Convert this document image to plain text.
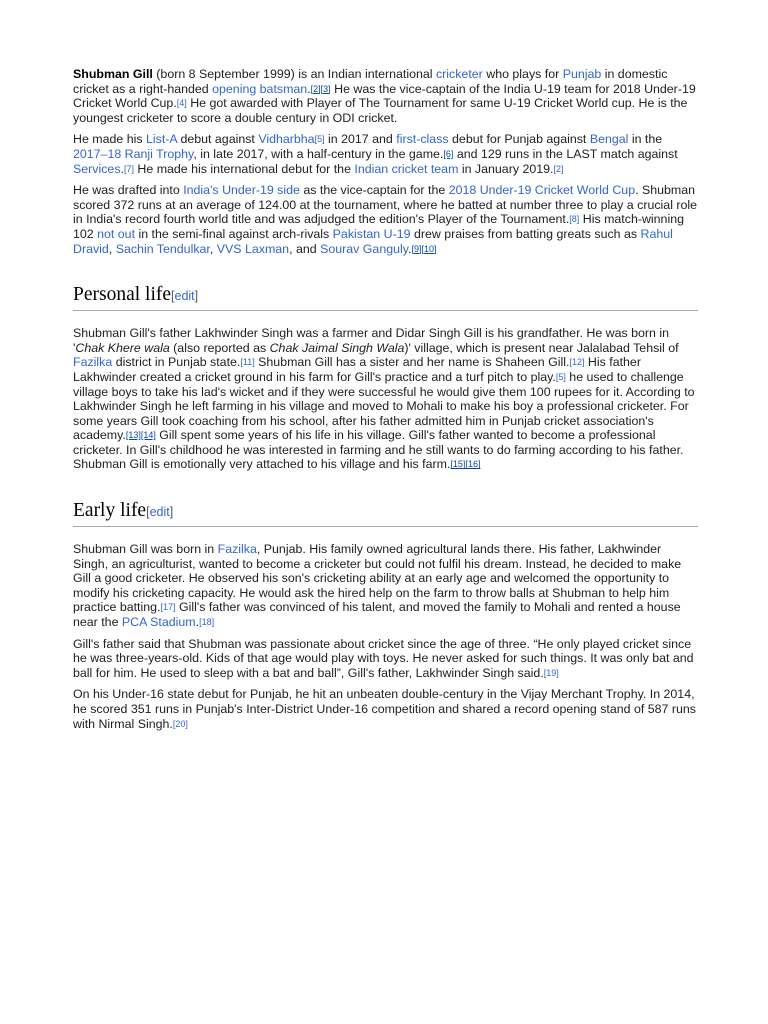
Shubman Gill (born 8 September 1999) is an Indian international cricketer who plays for Punjab in domestic cricket as a right-handed opening batsman.[2][3] He was the vice-captain of the India U-19 team for 2018 Under-19 Cricket World Cup.[4] He got awarded with Player of The Tournament for same U-19 Cricket World cup. He is the youngest cricketer to score a double century in ODI cricket.

He made his List-A debut against Vidharbha[5] in 2017 and first-class debut for Punjab against Bengal in the 2017–18 Ranji Trophy, in late 2017, with a half-century in the game.[6] and 129 runs in the LAST match against Services.[7] He made his international debut for the Indian cricket team in January 2019.[2]

He was drafted into India's Under-19 side as the vice-captain for the 2018 Under-19 Cricket World Cup. Shubman scored 372 runs at an average of 124.00 at the tournament, where he batted at number three to play a crucial role in India's record fourth world title and was adjudged the edition's Player of the Tournament.[8] His match-winning 102 not out in the semi-final against arch-rivals Pakistan U-19 drew praises from batting greats such as Rahul Dravid, Sachin Tendulkar, VVS Laxman, and Sourav Ganguly.[9][10]

Personal life[edit]

Shubman Gill's father Lakhwinder Singh was a farmer and Didar Singh Gill is his grandfather. He was born in 'Chak Khere wala (also reported as Chak Jaimal Singh Wala)' village, which is present near Jalalabad Tehsil of Fazilka district in Punjab state.[11] Shubman Gill has a sister and her name is Shaheen Gill.[12] His father Lakhwinder created a cricket ground in his farm for Gill's practice and a turf pitch to play.[5] he used to challenge village boys to take his lad's wicket and if they were successful he would give them 100 rupees for it. According to Lakhwinder Singh he left farming in his village and moved to Mohali to make his boy a professional cricketer. For some years Gill took coaching from his school, after his father admitted him in Punjab cricket association's academy.[13][14] Gill spent some years of his life in his village. Gill's father wanted to become a professional cricketer. In Gill's childhood he was interested in farming and he still wants to do farming according to his father. Shubman Gill is emotionally very attached to his village and his farm.[15][16]

Early life[edit]

Shubman Gill was born in Fazilka, Punjab. His family owned agricultural lands there. His father, Lakhwinder Singh, an agriculturist, wanted to become a cricketer but could not fulfil his dream. Instead, he decided to make Gill a good cricketer. He observed his son's cricketing ability at an early age and welcomed the opportunity to modify his cricketing capacity. He would ask the hired help on the farm to throw balls at Shubman to help him practice batting.[17] Gill's father was convinced of his talent, and moved the family to Mohali and rented a house near the PCA Stadium.[18]

Gill's father said that Shubman was passionate about cricket since the age of three. “He only played cricket since he was three-years-old. Kids of that age would play with toys. He never asked for such things. It was only bat and ball for him. He used to sleep with a bat and ball”, Gill's father, Lakhwinder Singh said.[19]

On his Under-16 state debut for Punjab, he hit an unbeaten double-century in the Vijay Merchant Trophy. In 2014, he scored 351 runs in Punjab's Inter-District Under-16 competition and shared a record opening stand of 587 runs with Nirmal Singh.[20]
